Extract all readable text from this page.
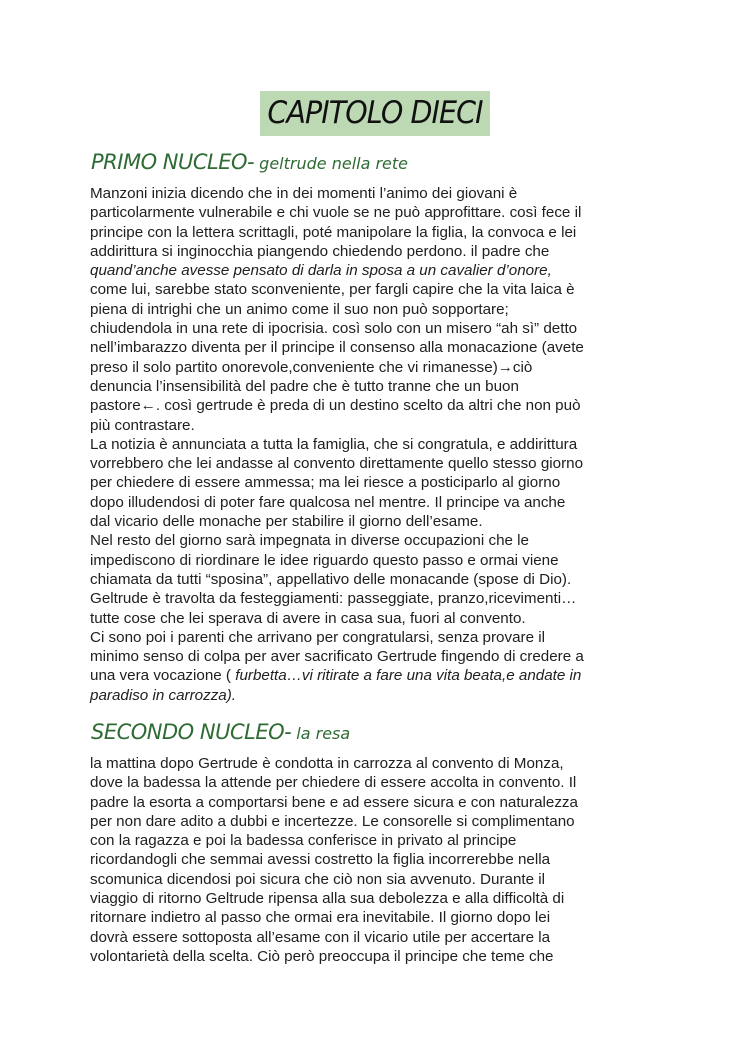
CAPITOLO DIECI
PRIMO NUCLEO- geltrude nella rete
Manzoni inizia dicendo che in dei momenti l’animo dei giovani è
particolarmente vulnerabile e chi vuole se ne può approfittare. così fece il
principe con la lettera scrittagli, poté manipolare la figlia, la convoca e lei
addirittura si inginocchia piangendo chiedendo perdono. il padre che
quand’anche avesse pensato di darla in sposa a un cavalier d’onore,
come lui, sarebbe stato sconveniente, per fargli capire che la vita laica è
piena di intrighi che un animo come il suo non può sopportare;
chiudendola in una rete di ipocrisia. così solo con un misero “ah sì” detto
nell’imbarazzo diventa per il principe il consenso alla monacazione (avete
preso il solo partito onorevole,conveniente che vi rimanesse)→ciò
denuncia l’insensibilità del padre che è tutto tranne che un buon
pastore←. così gertrude è preda di un destino scelto da altri che non può
più contrastare.
La notizia è annunciata a tutta la famiglia, che si congratula, e addirittura
vorrebbero che lei andasse al convento direttamente quello stesso giorno
per chiedere di essere ammessa; ma lei riesce a posticiparlo al giorno
dopo illudendosi di poter fare qualcosa nel mentre. Il principe va anche
dal vicario delle monache per stabilire il giorno dell’esame.
Nel resto del giorno sarà impegnata in diverse occupazioni che le
impediscono di riordinare le idee riguardo questo passo e ormai viene
chiamata da tutti “sposina”, appellativo delle monacande (spose di Dio).
Geltrude è travolta da festeggiamenti: passeggiate, pranzo,ricevimenti…
tutte cose che lei sperava di avere in casa sua, fuori al convento.
Ci sono poi i parenti che arrivano per congratularsi, senza provare il
minimo senso di colpa per aver sacrificato Gertrude fingendo di credere a
una vera vocazione ( furbetta…vi ritirate a fare una vita beata,e andate in
paradiso in carrozza).
SECONDO NUCLEO- la resa
la mattina dopo Gertrude è condotta in carrozza al convento di Monza,
dove la badessa la attende per chiedere di essere accolta in convento. Il
padre la esorta a comportarsi bene e ad essere sicura e con naturalezza
per non dare adito a dubbi e incertezze. Le consorelle si complimentano
con la ragazza e poi la badessa conferisce in privato al principe
ricordandogli che semmai avessi costretto la figlia incorrerebbe nella
scomunica dicendosi poi sicura che ciò non sia avvenuto. Durante il
viaggio di ritorno Geltrude ripensa alla sua debolezza e alla difficoltà di
ritornare indietro al passo che ormai era inevitabile. Il giorno dopo lei
dovrà essere sottoposta all’esame con il vicario utile per accertare la
volontarietà della scelta. Ciò però preoccupa il principe che teme che
